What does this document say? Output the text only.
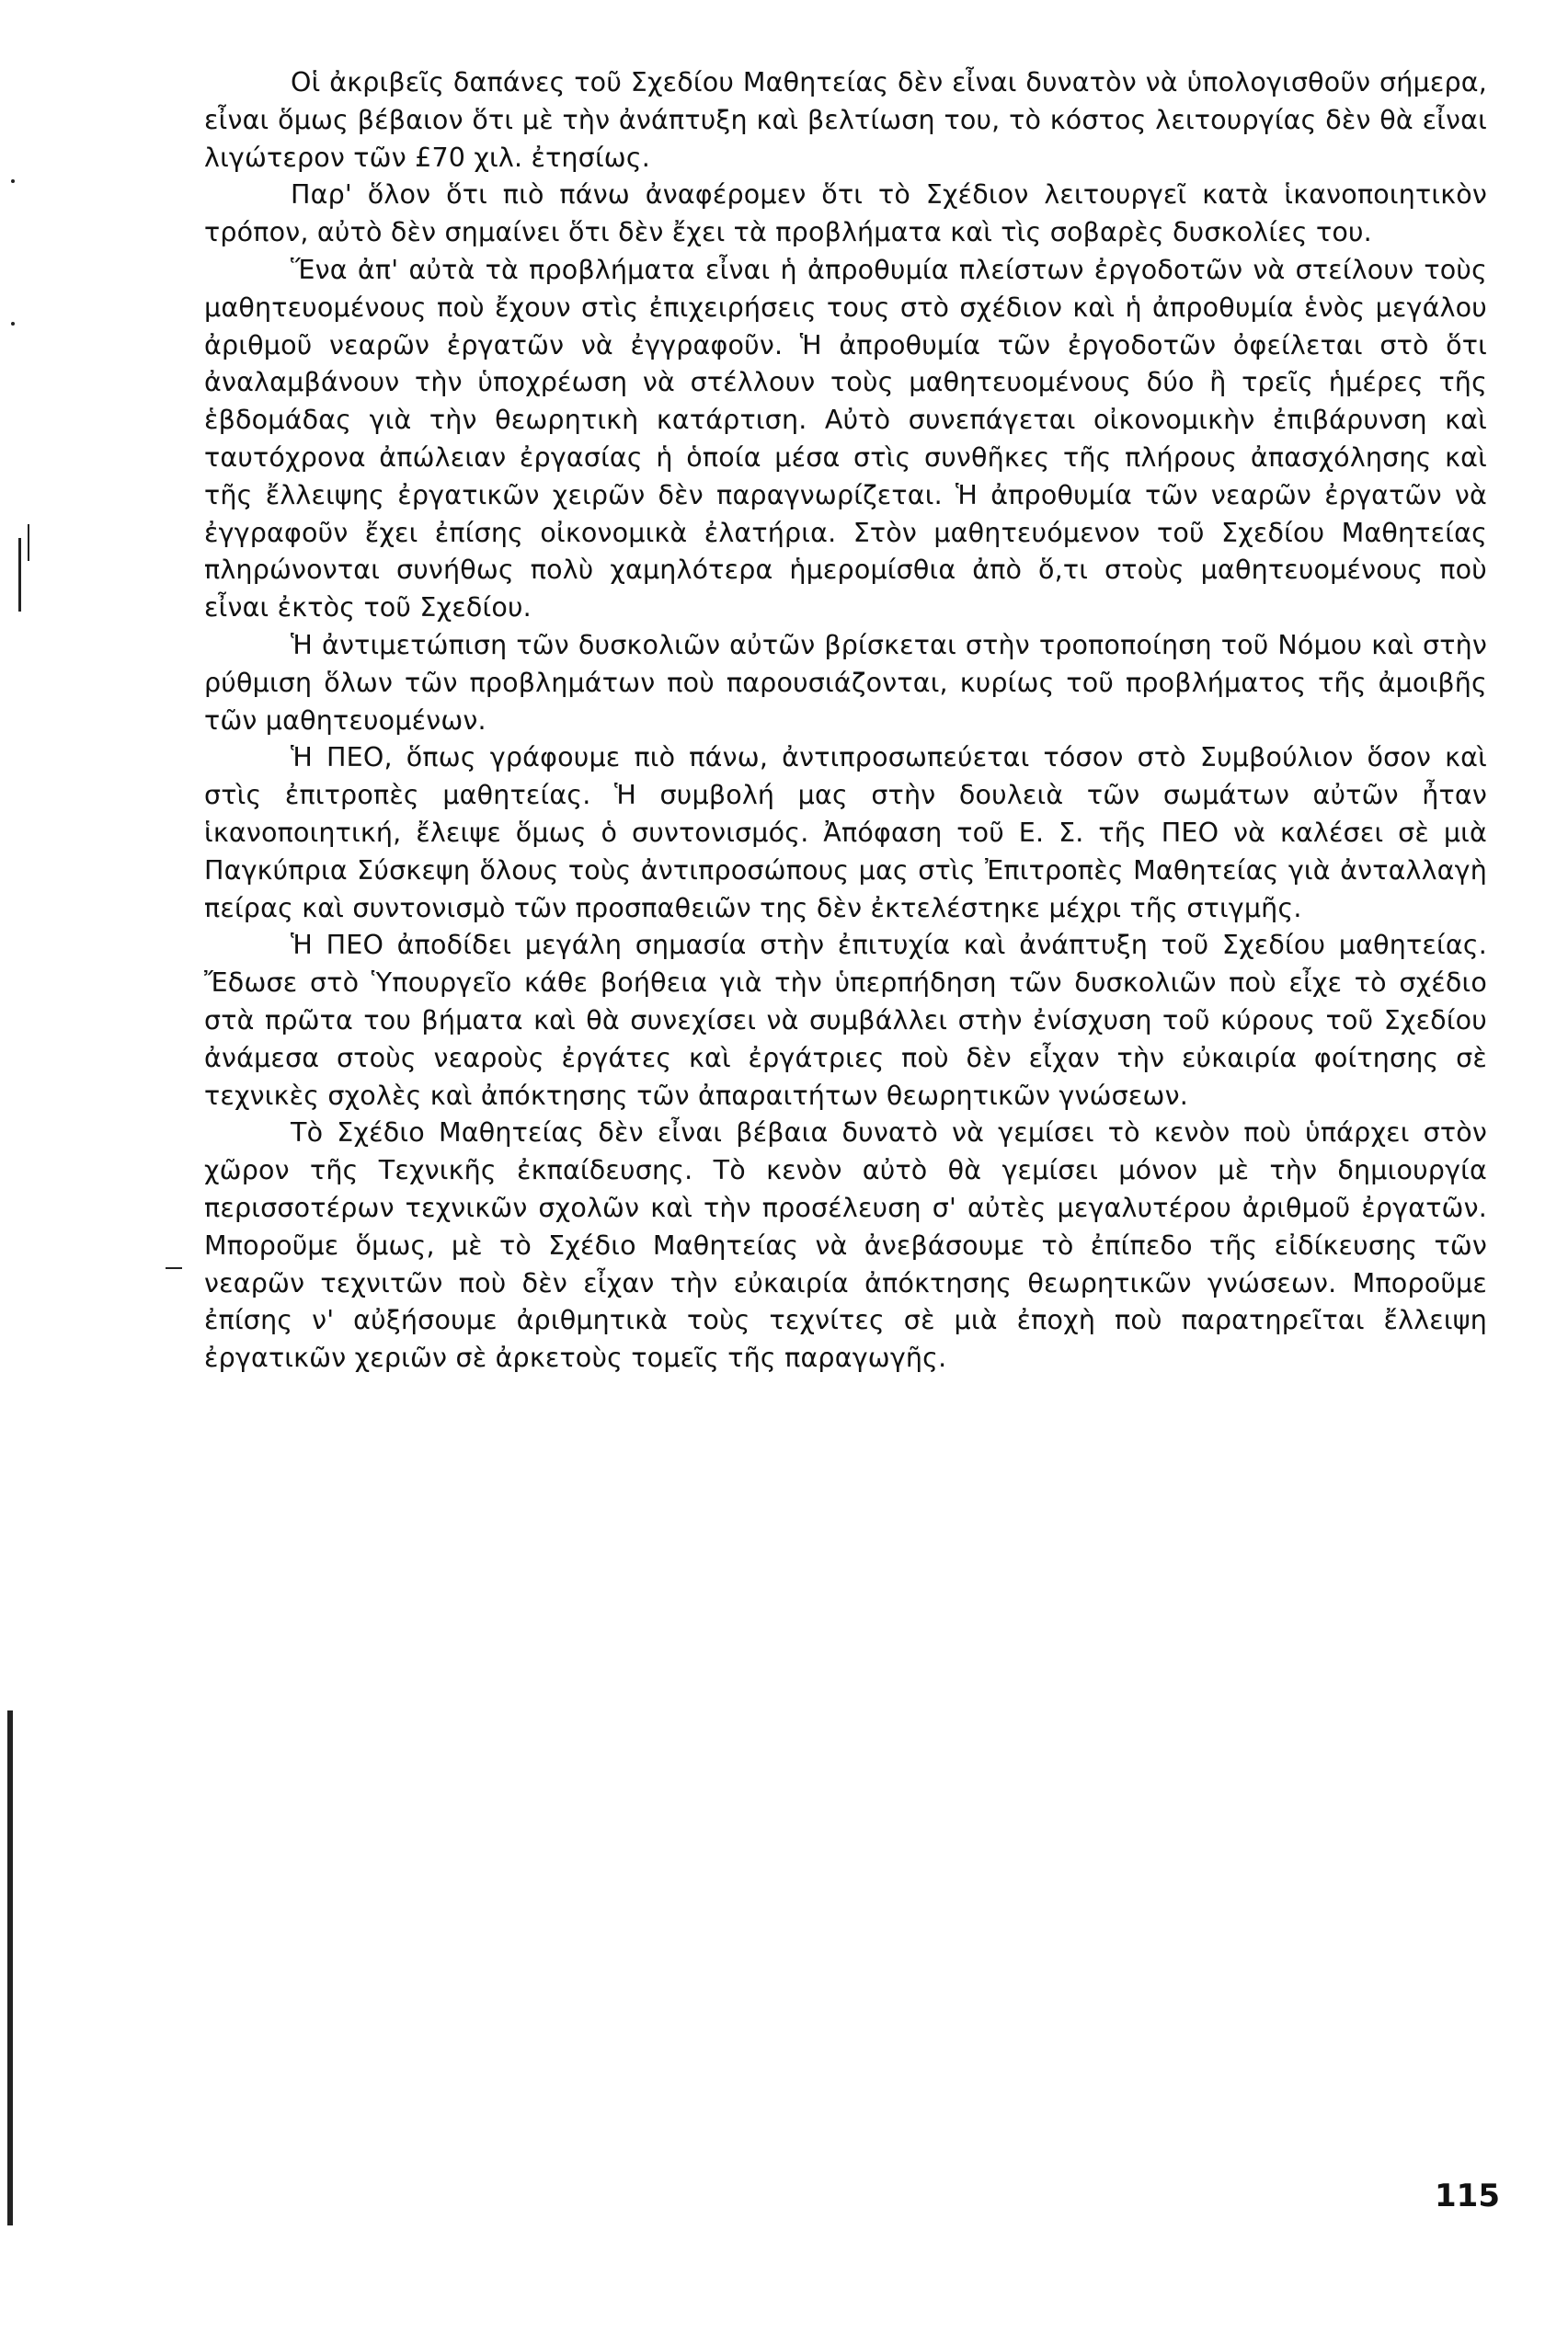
Οἱ ἀκριβεῖς δαπάνες τοῦ Σχεδίου Μαθητείας δὲν εἶναι δυνατὸν νὰ ὑπολογισθοῦν σήμερα, εἶναι ὅμως βέβαιον ὅτι μὲ τὴν ἀνάπτυξη καὶ βελτίωση του, τὸ κόστος λειτουργίας δὲν θὰ εἶναι λιγώτερον τῶν £70 χιλ. ἐτησίως.

Παρ' ὅλον ὅτι πιὸ πάνω ἀναφέρομεν ὅτι τὸ Σχέδιον λειτουργεῖ κατὰ ἱκανοποιητικὸν τρόπον, αὐτὸ δὲν σημαίνει ὅτι δὲν ἔχει τὰ προβλήματα καὶ τὶς σοβαρὲς δυσκολίες του.

Ἕνα ἀπ' αὐτὰ τὰ προβλήματα εἶναι ἡ ἀπροθυμία πλείστων ἐργοδοτῶν νὰ στείλουν τοὺς μαθητευομένους ποὺ ἔχουν στὶς ἐπιχειρήσεις τους στὸ σχέδιον καὶ ἡ ἀπροθυμία ἑνὸς μεγάλου ἀριθμοῦ νεαρῶν ἐργατῶν νὰ ἐγγραφοῦν. Ἡ ἀπροθυμία τῶν ἐργοδοτῶν ὀφείλεται στὸ ὅτι ἀναλαμβάνουν τὴν ὑποχρέωση νὰ στέλλουν τοὺς μαθητευομένους δύο ἢ τρεῖς ἡμέρες τῆς ἑβδομάδας γιὰ τὴν θεωρητικὴ κατάρτιση. Αὐτὸ συνεπάγεται οἰκονομικὴν ἐπιβάρυνση καὶ ταυτόχρονα ἀπώλειαν ἐργασίας ἡ ὁποία μέσα στὶς συνθῆκες τῆς πλήρους ἀπασχόλησης καὶ τῆς ἔλλειψης ἐργατικῶν χειρῶν δὲν παραγνωρίζεται. Ἡ ἀπροθυμία τῶν νεαρῶν ἐργατῶν νὰ ἐγγραφοῦν ἔχει ἐπίσης οἰκονομικὰ ἐλατήρια. Στὸν μαθητευόμενον τοῦ Σχεδίου Μαθητείας πληρώνονται συνήθως πολὺ χαμηλότερα ἡμερομίσθια ἀπὸ ὅ,τι στοὺς μαθητευομένους ποὺ εἶναι ἐκτὸς τοῦ Σχεδίου.

Ἡ ἀντιμετώπιση τῶν δυσκολιῶν αὐτῶν βρίσκεται στὴν τροποποίηση τοῦ Νόμου καὶ στὴν ρύθμιση ὅλων τῶν προβλημάτων ποὺ παρουσιάζονται, κυρίως τοῦ προβλήματος τῆς ἀμοιβῆς τῶν μαθητευομένων.

Ἡ ΠΕΟ, ὅπως γράφουμε πιὸ πάνω, ἀντιπροσωπεύεται τόσον στὸ Συμβούλιον ὅσον καὶ στὶς ἐπιτροπὲς μαθητείας. Ἡ συμβολή μας στὴν δουλειὰ τῶν σωμάτων αὐτῶν ἦταν ἱκανοποιητική, ἔλειψε ὅμως ὁ συντονισμός. Ἀπόφαση τοῦ Ε. Σ. τῆς ΠΕΟ νὰ καλέσει σὲ μιὰ Παγκύπρια Σύσκεψη ὅλους τοὺς ἀντιπροσώπους μας στὶς Ἐπιτροπὲς Μαθητείας γιὰ ἀνταλλαγὴ πείρας καὶ συντονισμὸ τῶν προσπαθειῶν της δὲν ἐκτελέστηκε μέχρι τῆς στιγμῆς.

Ἡ ΠΕΟ ἀποδίδει μεγάλη σημασία στὴν ἐπιτυχία καὶ ἀνάπτυξη τοῦ Σχεδίου μαθητείας. Ἔδωσε στὸ Ὑπουργεῖο κάθε βοήθεια γιὰ τὴν ὑπερπήδηση τῶν δυσκολιῶν ποὺ εἶχε τὸ σχέδιο στὰ πρῶτα του βήματα καὶ θὰ συνεχίσει νὰ συμβάλλει στὴν ἐνίσχυση τοῦ κύρους τοῦ Σχεδίου ἀνάμεσα στοὺς νεαροὺς ἐργάτες καὶ ἐργάτριες ποὺ δὲν εἶχαν τὴν εὐκαιρία φοίτησης σὲ τεχνικὲς σχολὲς καὶ ἀπόκτησης τῶν ἀπαραιτήτων θεωρητικῶν γνώσεων.

Τὸ Σχέδιο Μαθητείας δὲν εἶναι βέβαια δυνατὸ νὰ γεμίσει τὸ κενὸν ποὺ ὑπάρχει στὸν χῶρον τῆς Τεχνικῆς ἐκπαίδευσης. Τὸ κενὸν αὐτὸ θὰ γεμίσει μόνον μὲ τὴν δημιουργία περισσοτέρων τεχνικῶν σχολῶν καὶ τὴν προσέλευση σ' αὐτὲς μεγαλυτέρου ἀριθμοῦ ἐργατῶν. Μποροῦμε ὅμως, μὲ τὸ Σχέδιο Μαθητείας νὰ ἀνεβάσουμε τὸ ἐπίπεδο τῆς εἰδίκευσης τῶν νεαρῶν τεχνιτῶν ποὺ δὲν εἶχαν τὴν εὐκαιρία ἀπόκτησης θεωρητικῶν γνώσεων. Μποροῦμε ἐπίσης ν' αὐξήσουμε ἀριθμητικὰ τοὺς τεχνίτες σὲ μιὰ ἐποχὴ ποὺ παρατηρεῖται ἔλλειψη ἐργατικῶν χεριῶν σὲ ἀρκετοὺς τομεῖς τῆς παραγωγῆς.

115
